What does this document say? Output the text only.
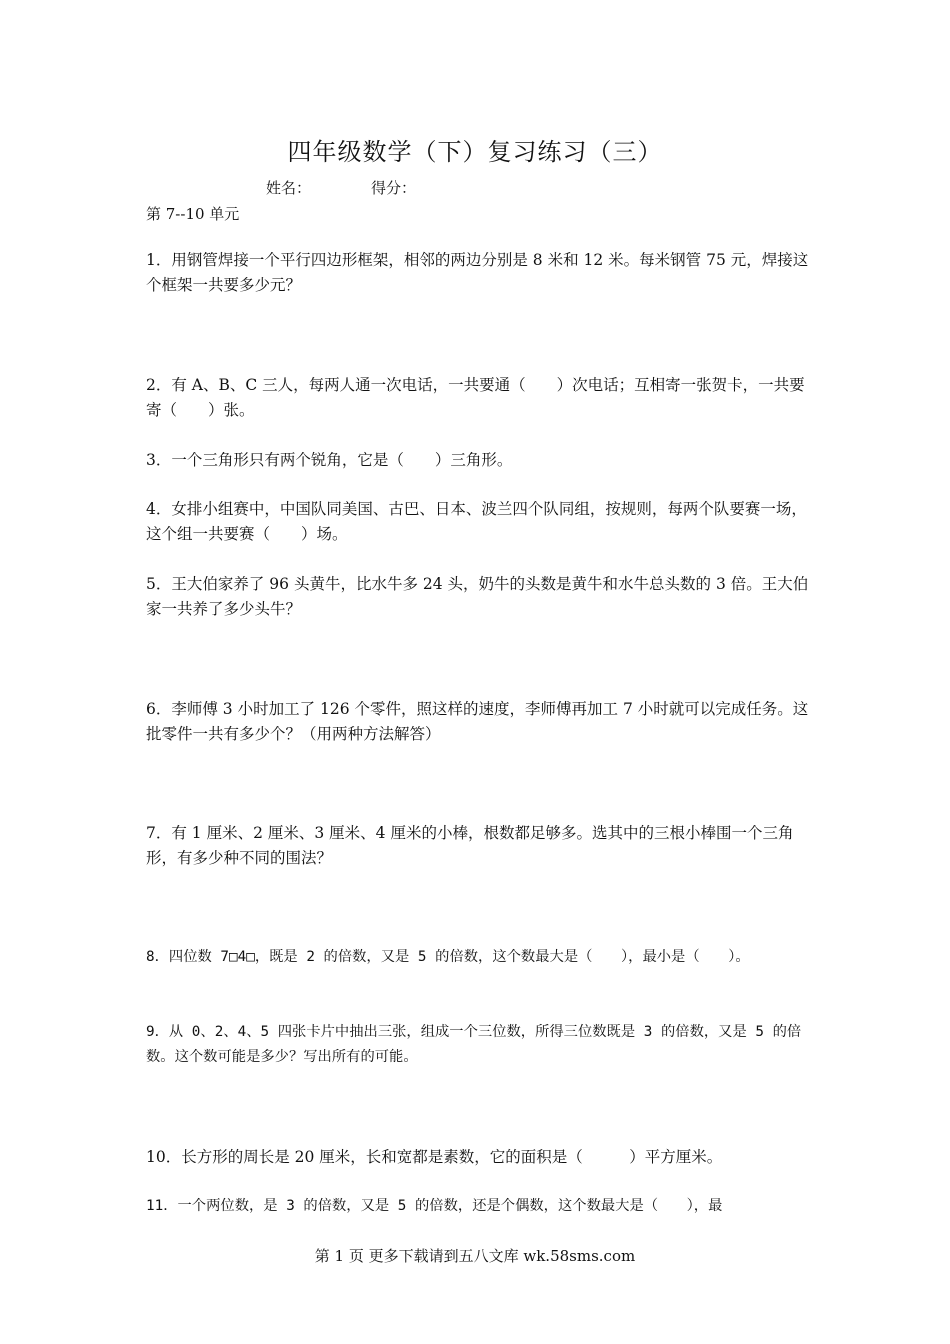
四年级数学（下）复习练习（三）
姓名：	得分：
第 7--10 单元
1．用钢管焊接一个平行四边形框架，相邻的两边分别是 8 米和 12 米。每米钢管 75 元，焊接这个框架一共要多少元？
2．有 A、B、C 三人，每两人通一次电话，一共要通（　　）次电话；互相寄一张贺卡，一共要寄（　　）张。
3．一个三角形只有两个锐角，它是（　　）三角形。
4．女排小组赛中，中国队同美国、古巴、日本、波兰四个队同组，按规则，每两个队要赛一场，这个组一共要赛（　　）场。
5．王大伯家养了 96 头黄牛，比水牛多 24 头，奶牛的头数是黄牛和水牛总头数的 3 倍。王大伯家一共养了多少头牛？
6．李师傅 3 小时加工了 126 个零件，照这样的速度，李师傅再加工 7 小时就可以完成任务。这批零件一共有多少个？（用两种方法解答）
7．有 1 厘米、2 厘米、3 厘米、4 厘米的小棒，根数都足够多。选其中的三根小棒围一个三角形，有多少种不同的围法？
8．四位数 7□4□，既是 2 的倍数，又是 5 的倍数，这个数最大是（　　），最小是（　　）。
9．从 0、2、4、5 四张卡片中抽出三张，组成一个三位数，所得三位数既是 3 的倍数，又是 5 的倍数。这个数可能是多少？写出所有的可能。
10．长方形的周长是 20 厘米，长和宽都是素数，它的面积是（　　　）平方厘米。
11．一个两位数，是 3 的倍数，又是 5 的倍数，还是个偶数，这个数最大是（　　），最
第 1 页 更多下载请到五八文库 wk.58sms.com
